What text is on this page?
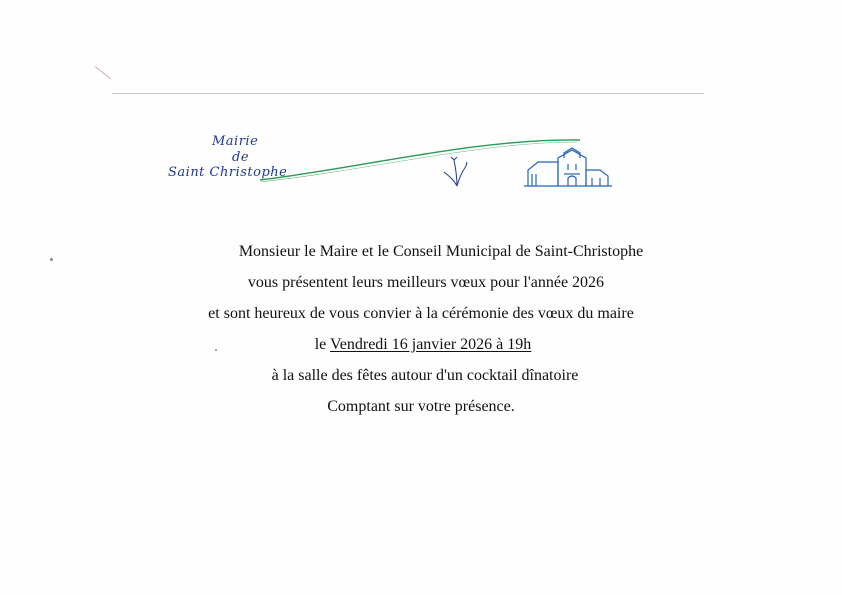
Mairie
de
Saint Christophe
Monsieur le Maire et le Conseil Municipal de Saint-Christophe
vous présentent leurs meilleurs vœux pour l'année 2026
et sont heureux de vous convier à la cérémonie des vœux du maire
le Vendredi 16 janvier 2026 à 19h
à la salle des fêtes autour d'un cocktail dînatoire
Comptant sur votre présence.
